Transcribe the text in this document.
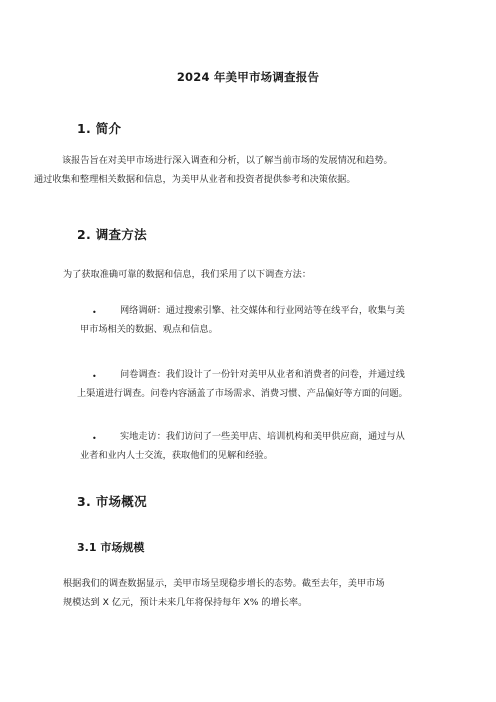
2024 年美甲市场调查报告
1. 简介
该报告旨在对美甲市场进行深入调查和分析，以了解当前市场的发展情况和趋势。
通过收集和整理相关数据和信息，为美甲从业者和投资者提供参考和决策依据。
2. 调查方法
为了获取准确可靠的数据和信息，我们采用了以下调查方法：
•	网络调研：通过搜索引擎、社交媒体和行业网站等在线平台，收集与美
甲市场相关的数据、观点和信息。
•	问卷调查：我们设计了一份针对美甲从业者和消费者的问卷，并通过线
上渠道进行调查。问卷内容涵盖了市场需求、消费习惯、产品偏好等方面的问题。
•	实地走访：我们访问了一些美甲店、培训机构和美甲供应商，通过与从
业者和业内人士交流，获取他们的见解和经验。
3. 市场概况
3.1 市场规模
根据我们的调查数据显示，美甲市场呈现稳步增长的态势。截至去年，美甲市场
规模达到 X 亿元，预计未来几年将保持每年 X% 的增长率。
